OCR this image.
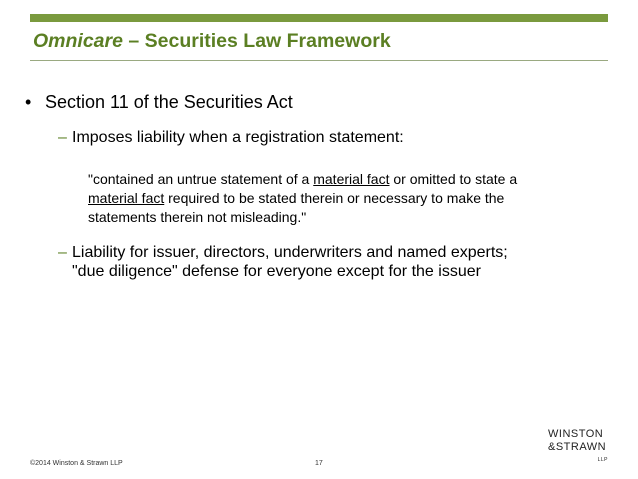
Omnicare – Securities Law Framework
• Section 11 of the Securities Act
– Imposes liability when a registration statement:
"contained an untrue statement of a material fact or omitted to state a
material fact required to be stated therein or necessary to make the
statements therein not misleading."
– Liability for issuer, directors, underwriters and named experts;
"due diligence" defense for everyone except for the issuer
©2014 Winston & Strawn LLP	17
WINSTON
&STRAWN
LLP
